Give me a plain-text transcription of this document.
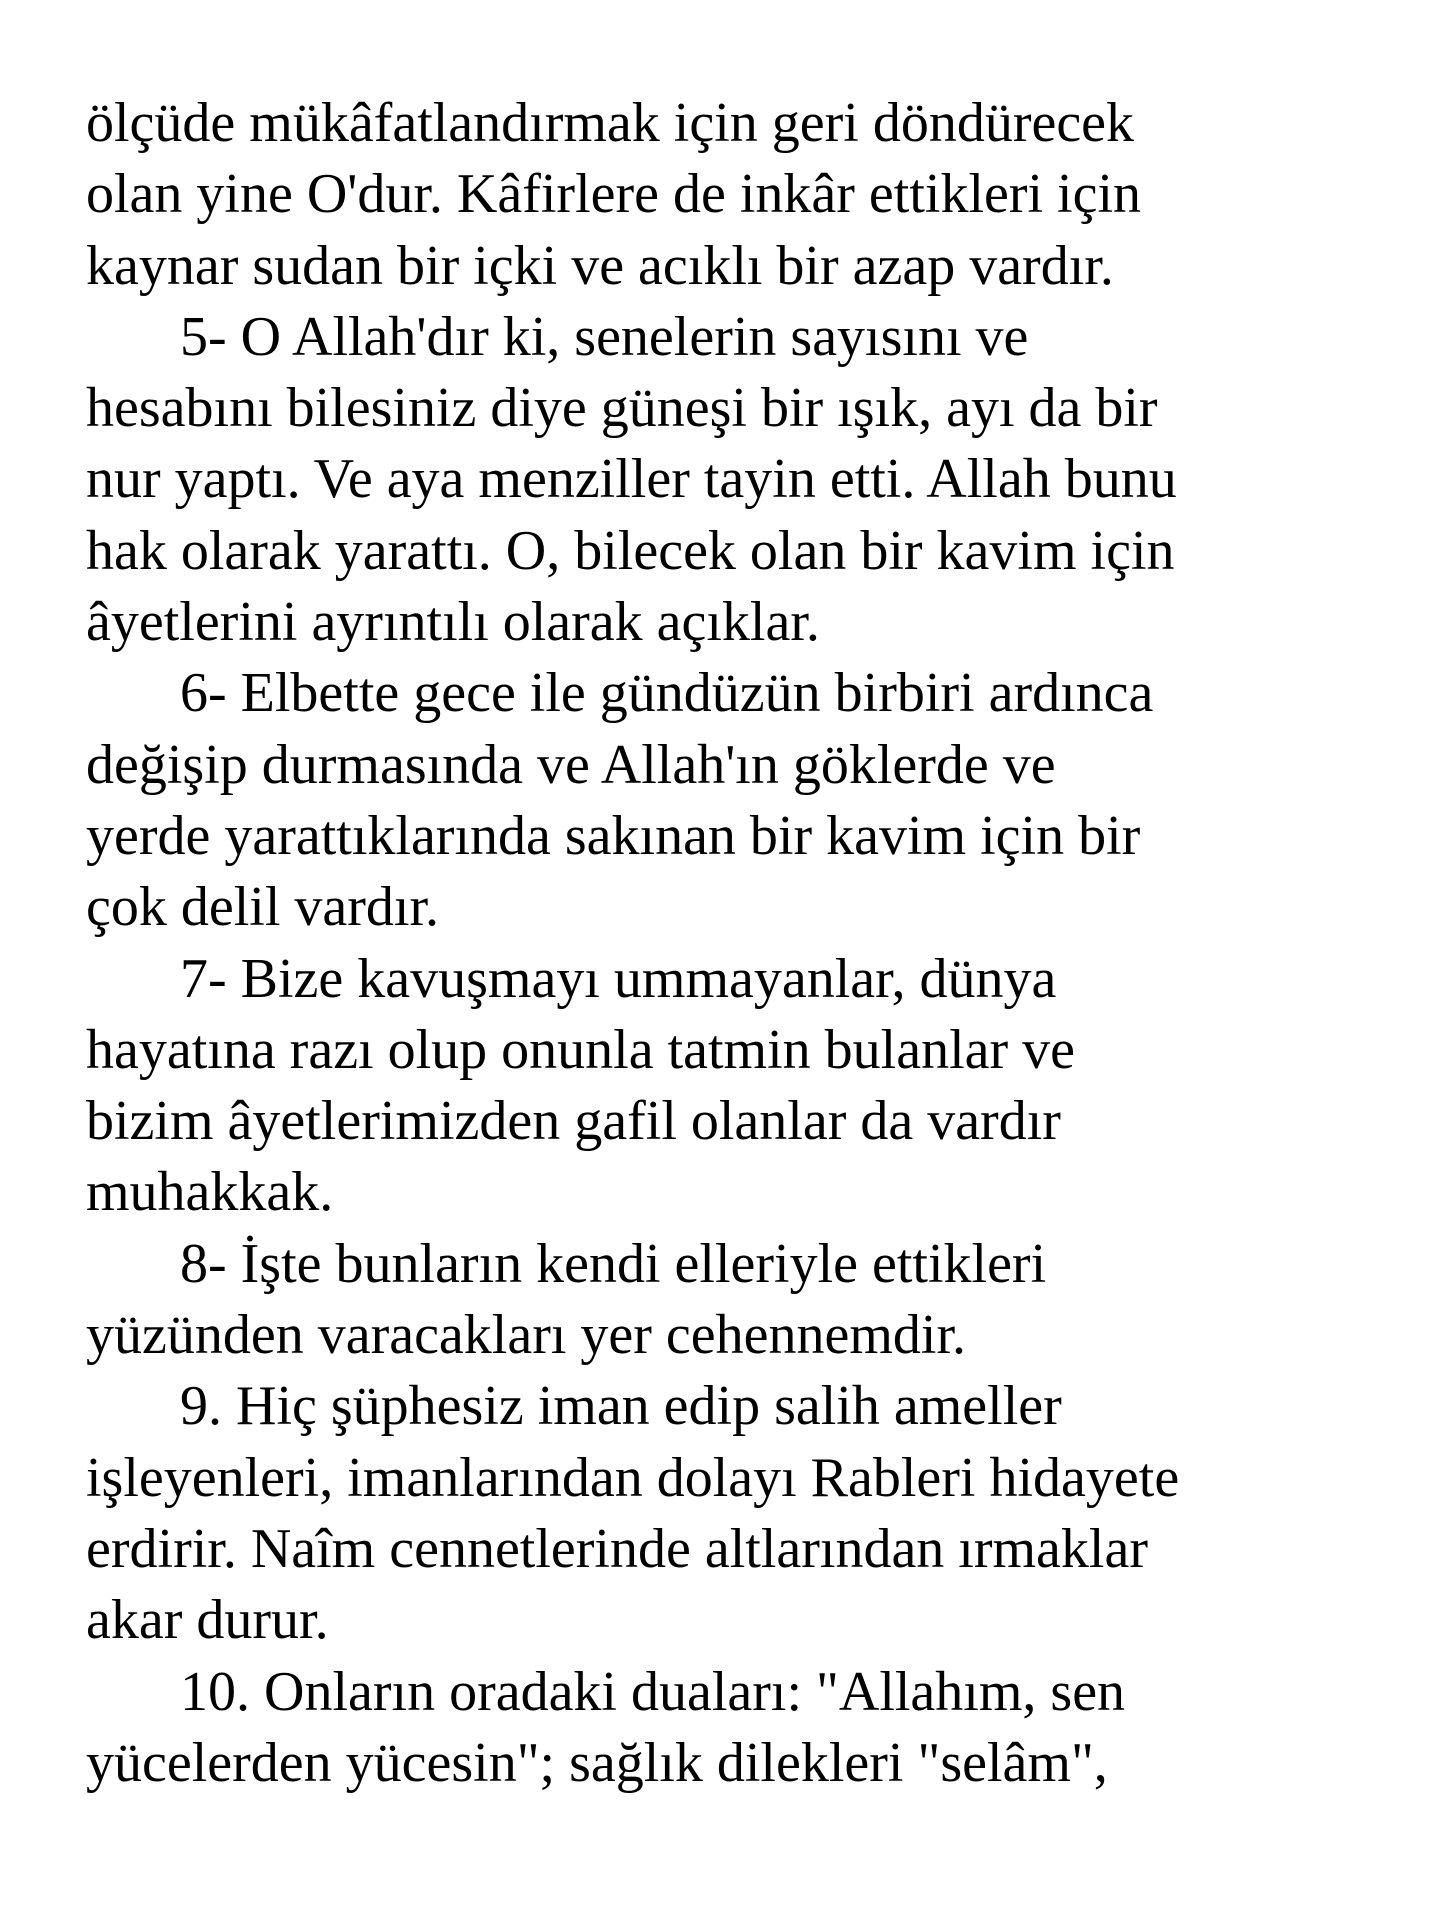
ölçüde mükâfatlandırmak için geri döndürecek
olan yine O'dur. Kâfirlere de inkâr ettikleri için
kaynar sudan bir içki ve acıklı bir azap vardır.
5- O Allah'dır ki, senelerin sayısını ve
hesabını bilesiniz diye güneşi bir ışık, ayı da bir
nur yaptı. Ve aya menziller tayin etti. Allah bunu
hak olarak yarattı. O, bilecek olan bir kavim için
âyetlerini ayrıntılı olarak açıklar.
6- Elbette gece ile gündüzün birbiri ardınca
değişip durmasında ve Allah'ın göklerde ve
yerde yarattıklarında sakınan bir kavim için bir
çok delil vardır.
7- Bize kavuşmayı ummayanlar, dünya
hayatına razı olup onunla tatmin bulanlar ve
bizim âyetlerimizden gafil olanlar da vardır
muhakkak.
8- İşte bunların kendi elleriyle ettikleri
yüzünden varacakları yer cehennemdir.
9. Hiç şüphesiz iman edip salih ameller
işleyenleri, imanlarından dolayı Rableri hidayete
erdirir. Naîm cennetlerinde altlarından ırmaklar
akar durur.
10. Onların oradaki duaları: "Allahım, sen
yücelerden yücesin"; sağlık dilekleri "selâm",
